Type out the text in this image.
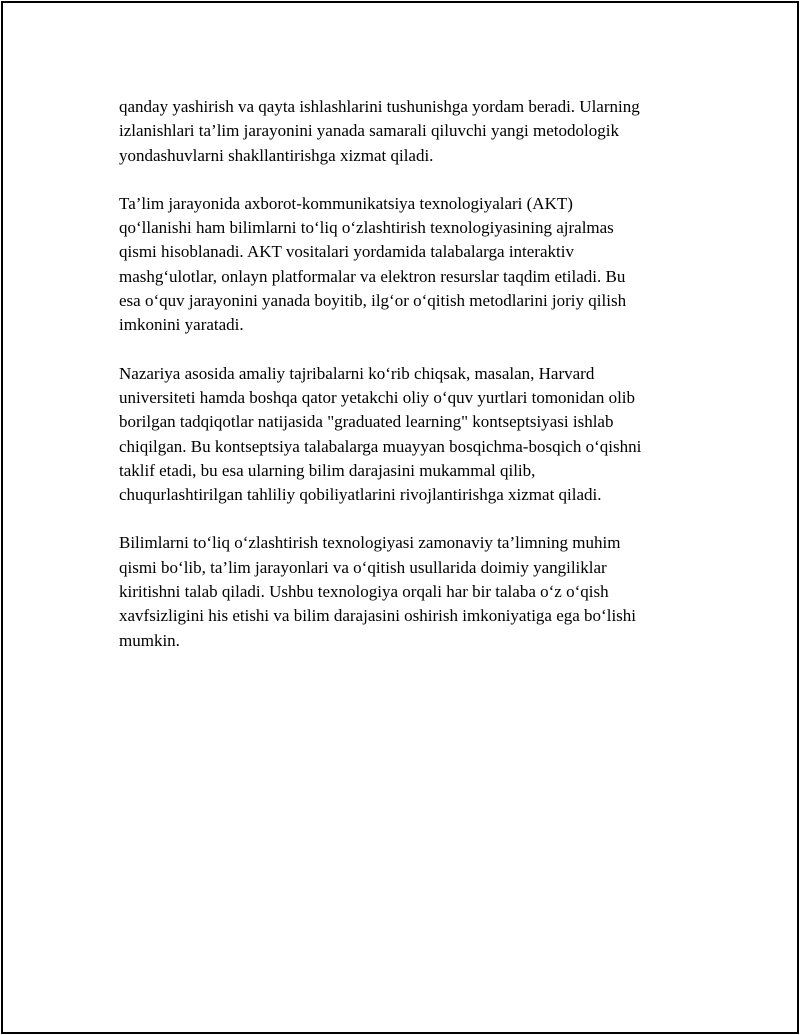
qanday yashirish va qayta ishlashlarini tushunishga yordam beradi. Ularning
izlanishlari ta’lim jarayonini yanada samarali qiluvchi yangi metodologik
yondashuvlarni shakllantirishga xizmat qiladi.

Ta’lim jarayonida axborot-kommunikatsiya texnologiyalari (AKT)
qo‘llanishi ham bilimlarni to‘liq o‘zlashtirish texnologiyasining ajralmas
qismi hisoblanadi. AKT vositalari yordamida talabalarga interaktiv
mashg‘ulotlar, onlayn platformalar va elektron resurslar taqdim etiladi. Bu
esa o‘quv jarayonini yanada boyitib, ilg‘or o‘qitish metodlarini joriy qilish
imkonini yaratadi.

Nazariya asosida amaliy tajribalarni ko‘rib chiqsak, masalan, Harvard
universiteti hamda boshqa qator yetakchi oliy o‘quv yurtlari tomonidan olib
borilgan tadqiqotlar natijasida "graduated learning" kontseptsiyasi ishlab
chiqilgan. Bu kontseptsiya talabalarga muayyan bosqichma-bosqich o‘qishni
taklif etadi, bu esa ularning bilim darajasini mukammal qilib,
chuqurlashtirilgan tahliliy qobiliyatlarini rivojlantirishga xizmat qiladi.

Bilimlarni to‘liq o‘zlashtirish texnologiyasi zamonaviy ta’limning muhim
qismi bo‘lib, ta’lim jarayonlari va o‘qitish usullarida doimiy yangiliklar
kiritishni talab qiladi. Ushbu texnologiya orqali har bir talaba o‘z o‘qish
xavfsizligini his etishi va bilim darajasini oshirish imkoniyatiga ega bo‘lishi
mumkin.
